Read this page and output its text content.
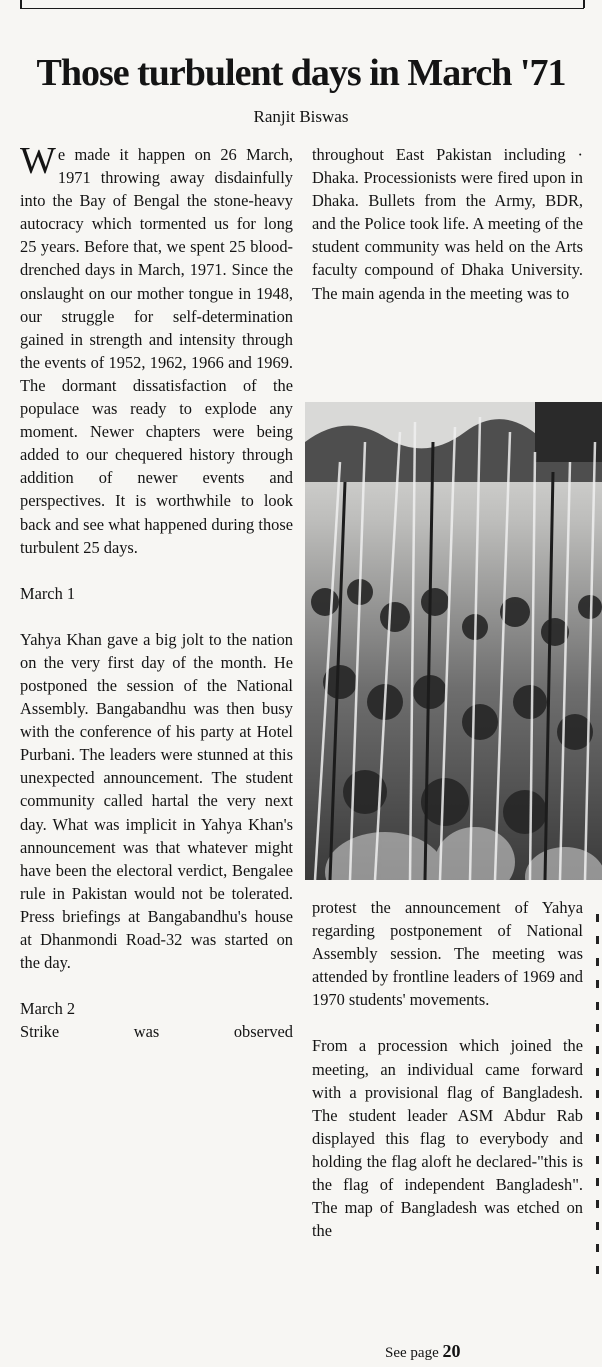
Those turbulent days in March '71
Ranjit Biswas

We made it happen on 26 March, 1971 throwing away disdainfully into the Bay of Bengal the stone-heavy autocracy which tormented us for long 25 years. Before that, we spent 25 blood-drenched days in March, 1971. Since the onslaught on our mother tongue in 1948, our struggle for self-determination gained in strength and intensity through the events of 1952, 1962, 1966 and 1969. The dormant dissatisfaction of the populace was ready to explode any moment. Newer chapters were being added to our chequered history through addition of newer events and perspectives. It is worthwhile to look back and see what happened during those turbulent 25 days.

March 1

Yahya Khan gave a big jolt to the nation on the very first day of the month. He postponed the session of the National Assembly. Bangabandhu was then busy with the conference of his party at Hotel Purbani. The leaders were stunned at this unexpected announcement. The student community called hartal the very next day. What was implicit in Yahya Khan's announcement was that whatever might have been the electoral verdict, Bengalee rule in Pakistan would not be tolerated. Press briefings at Bangabandhu's house at Dhanmondi Road-32 was started on the day.

March 2

Strike was observed

throughout East Pakistan including · Dhaka. Processionists were fired upon in Dhaka. Bullets from the Army, BDR, and the Police took life. A meeting of the student community was held on the Arts faculty compound of Dhaka University. The main agenda in the meeting was to

protest the announcement of Yahya regarding postponement of National Assembly session. The meeting was attended by frontline leaders of 1969 and 1970 students' movements.

From a procession which joined the meeting, an individual came forward with a provisional flag of Bangladesh. The student leader ASM Abdur Rab displayed this flag to everybody and holding the flag aloft he declared-"this is the flag of independent Bangladesh". The map of Bangladesh was etched on the

See page 20
